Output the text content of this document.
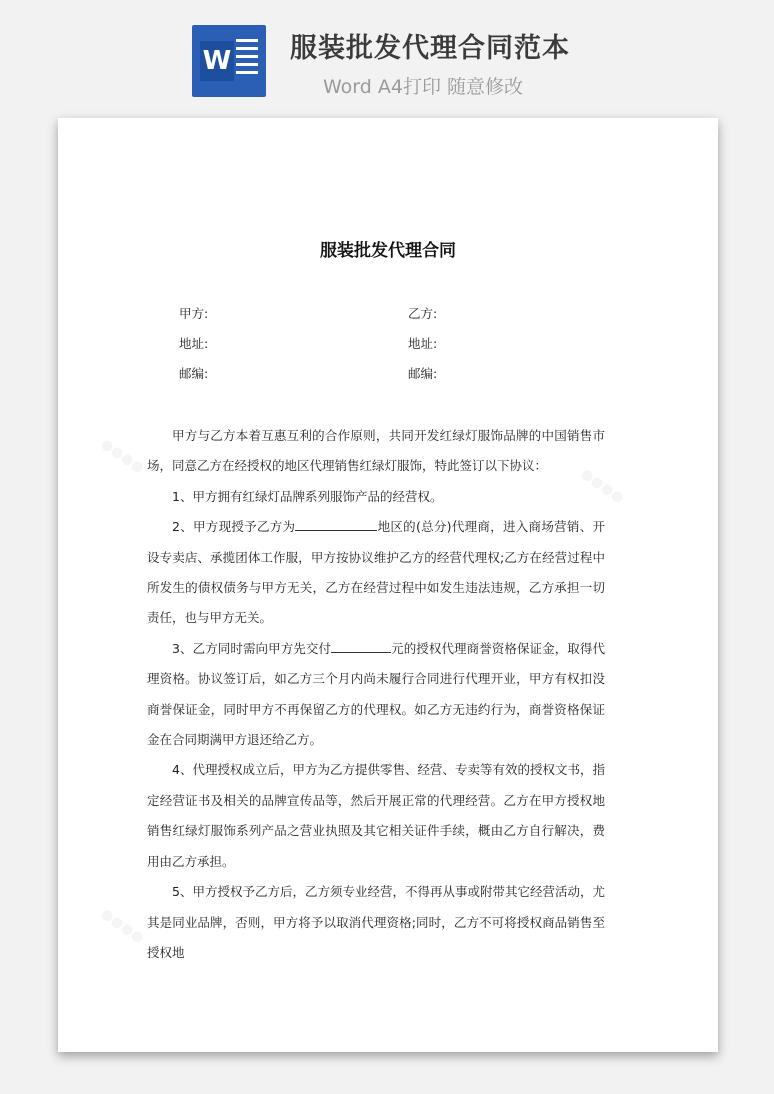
W 服装批发代理合同范本
Word A4打印 随意修改
服装批发代理合同
甲方:	乙方:
地址:	地址:
邮编:	邮编:

甲方与乙方本着互惠互利的合作原则，共同开发红绿灯服饰品牌的中国销售市场，同意乙方在经授权的地区代理销售红绿灯服饰，特此签订以下协议：

1、甲方拥有红绿灯品牌系列服饰产品的经营权。

2、甲方现授予乙方为	地区的(总分)代理商，进入商场营销、开设专卖店、承揽团体工作服，甲方按协议维护乙方的经营代理权;乙方在经营过程中所发生的债权债务与甲方无关，乙方在经营过程中如发生违法违规，乙方承担一切责任，也与甲方无关。

3、乙方同时需向甲方先交付	元的授权代理商誉资格保证金，取得代理资格。协议签订后，如乙方三个月内尚未履行合同进行代理开业，甲方有权扣没商誉保证金，同时甲方不再保留乙方的代理权。如乙方无违约行为，商誉资格保证金在合同期满甲方退还给乙方。

4、代理授权成立后，甲方为乙方提供零售、经营、专卖等有效的授权文书，指定经营证书及相关的品牌宣传品等，然后开展正常的代理经营。乙方在甲方授权地销售红绿灯服饰系列产品之营业执照及其它相关证件手续，概由乙方自行解决，费用由乙方承担。

5、甲方授权予乙方后，乙方须专业经营，不得再从事或附带其它经营活动，尤其是同业品牌，否则，甲方将予以取消代理资格;同时，乙方不可将授权商品销售至授权地
